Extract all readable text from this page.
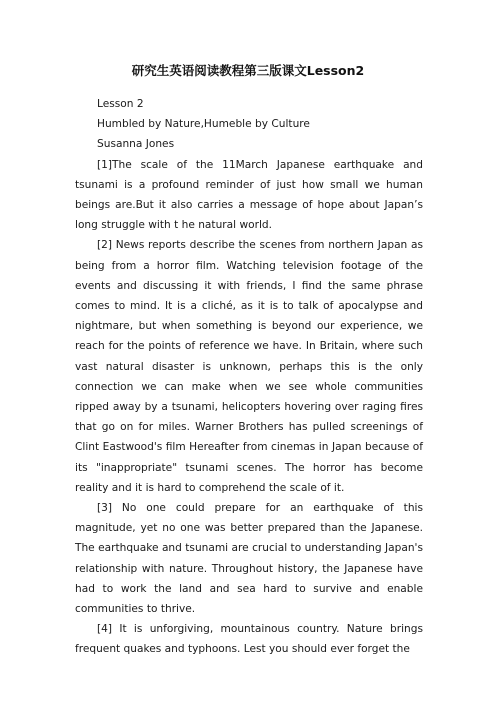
研究生英语阅读教程第三版课文Lesson2

Lesson 2

Humbled by Nature,Humeble by Culture

Susanna Jones

[1]The scale of the 11March Japanese earthquake and tsunami is a profound reminder of just how small we human beings are.But it also carries a message of hope about Japan’s long struggle with t he natural world.

[2] News reports describe the scenes from northern Japan as being from a horror film. Watching television footage of the events and discussing it with friends, I find the same phrase comes to mind. It is a cliché, as it is to talk of apocalypse and nightmare, but when something is beyond our experience, we reach for the points of reference we have. In Britain, where such vast natural disaster is unknown, perhaps this is the only connection we can make when we see whole communities ripped away by a tsunami, helicopters hovering over raging fires that go on for miles. Warner Brothers has pulled screenings of Clint Eastwood's film Hereafter from cinemas in Japan because of its "inappropriate" tsunami scenes. The horror has become reality and it is hard to comprehend the scale of it.

[3] No one could prepare for an earthquake of this magnitude, yet no one was better prepared than the Japanese. The earthquake and tsunami are crucial to understanding Japan's relationship with nature. Throughout history, the Japanese have had to work the land and sea hard to survive and enable communities to thrive.

[4] It is unforgiving, mountainous country. Nature brings frequent quakes and typhoons. Lest you should ever forget the
